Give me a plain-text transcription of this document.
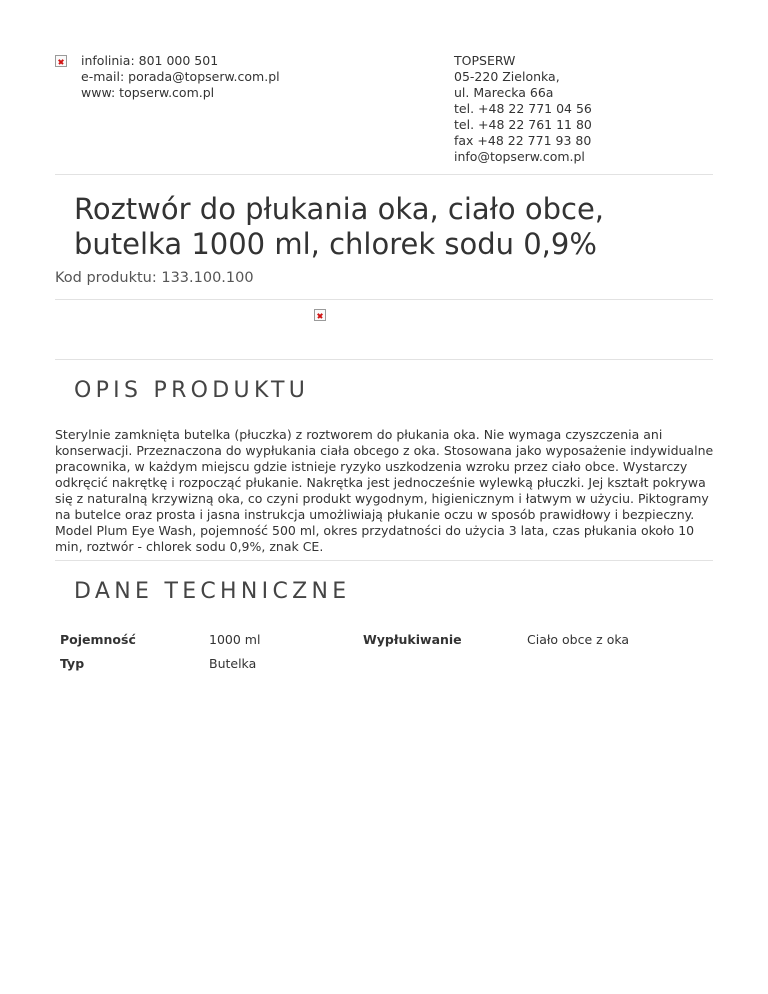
infolinia: 801 000 501
e-mail: porada@topserw.com.pl
www: topserw.com.pl
TOPSERW
05-220 Zielonka,
ul. Marecka 66a
tel. +48 22 771 04 56
tel. +48 22 761 11 80
fax +48 22 771 93 80
info@topserw.com.pl
Roztwór do płukania oka, ciało obce, butelka 1000 ml, chlorek sodu 0,9%
Kod produktu: 133.100.100
OPIS PRODUKTU

Sterylnie zamknięta butelka (płuczka) z roztworem do płukania oka. Nie wymaga czyszczenia ani konserwacji. Przeznaczona do wypłukania ciała obcego z oka. Stosowana jako wyposażenie indywidualne pracownika, w każdym miejscu gdzie istnieje ryzyko uszkodzenia wzroku przez ciało obce. Wystarczy odkręcić nakrętkę i rozpocząć płukanie. Nakrętka jest jednocześnie wylewką płuczki. Jej kształt pokrywa się z naturalną krzywizną oka, co czyni produkt wygodnym, higienicznym i łatwym w użyciu. Piktogramy na butelce oraz prosta i jasna instrukcja umożliwiają płukanie oczu w sposób prawidłowy i bezpieczny. Model Plum Eye Wash, pojemność 500 ml, okres przydatności do użycia 3 lata, czas płukania około 10 min, roztwór - chlorek sodu 0,9%, znak CE.

DANE TECHNICZNE
Pojemność	1000 ml	Wypłukiwanie	Ciało obce z oka
Typ	Butelka
